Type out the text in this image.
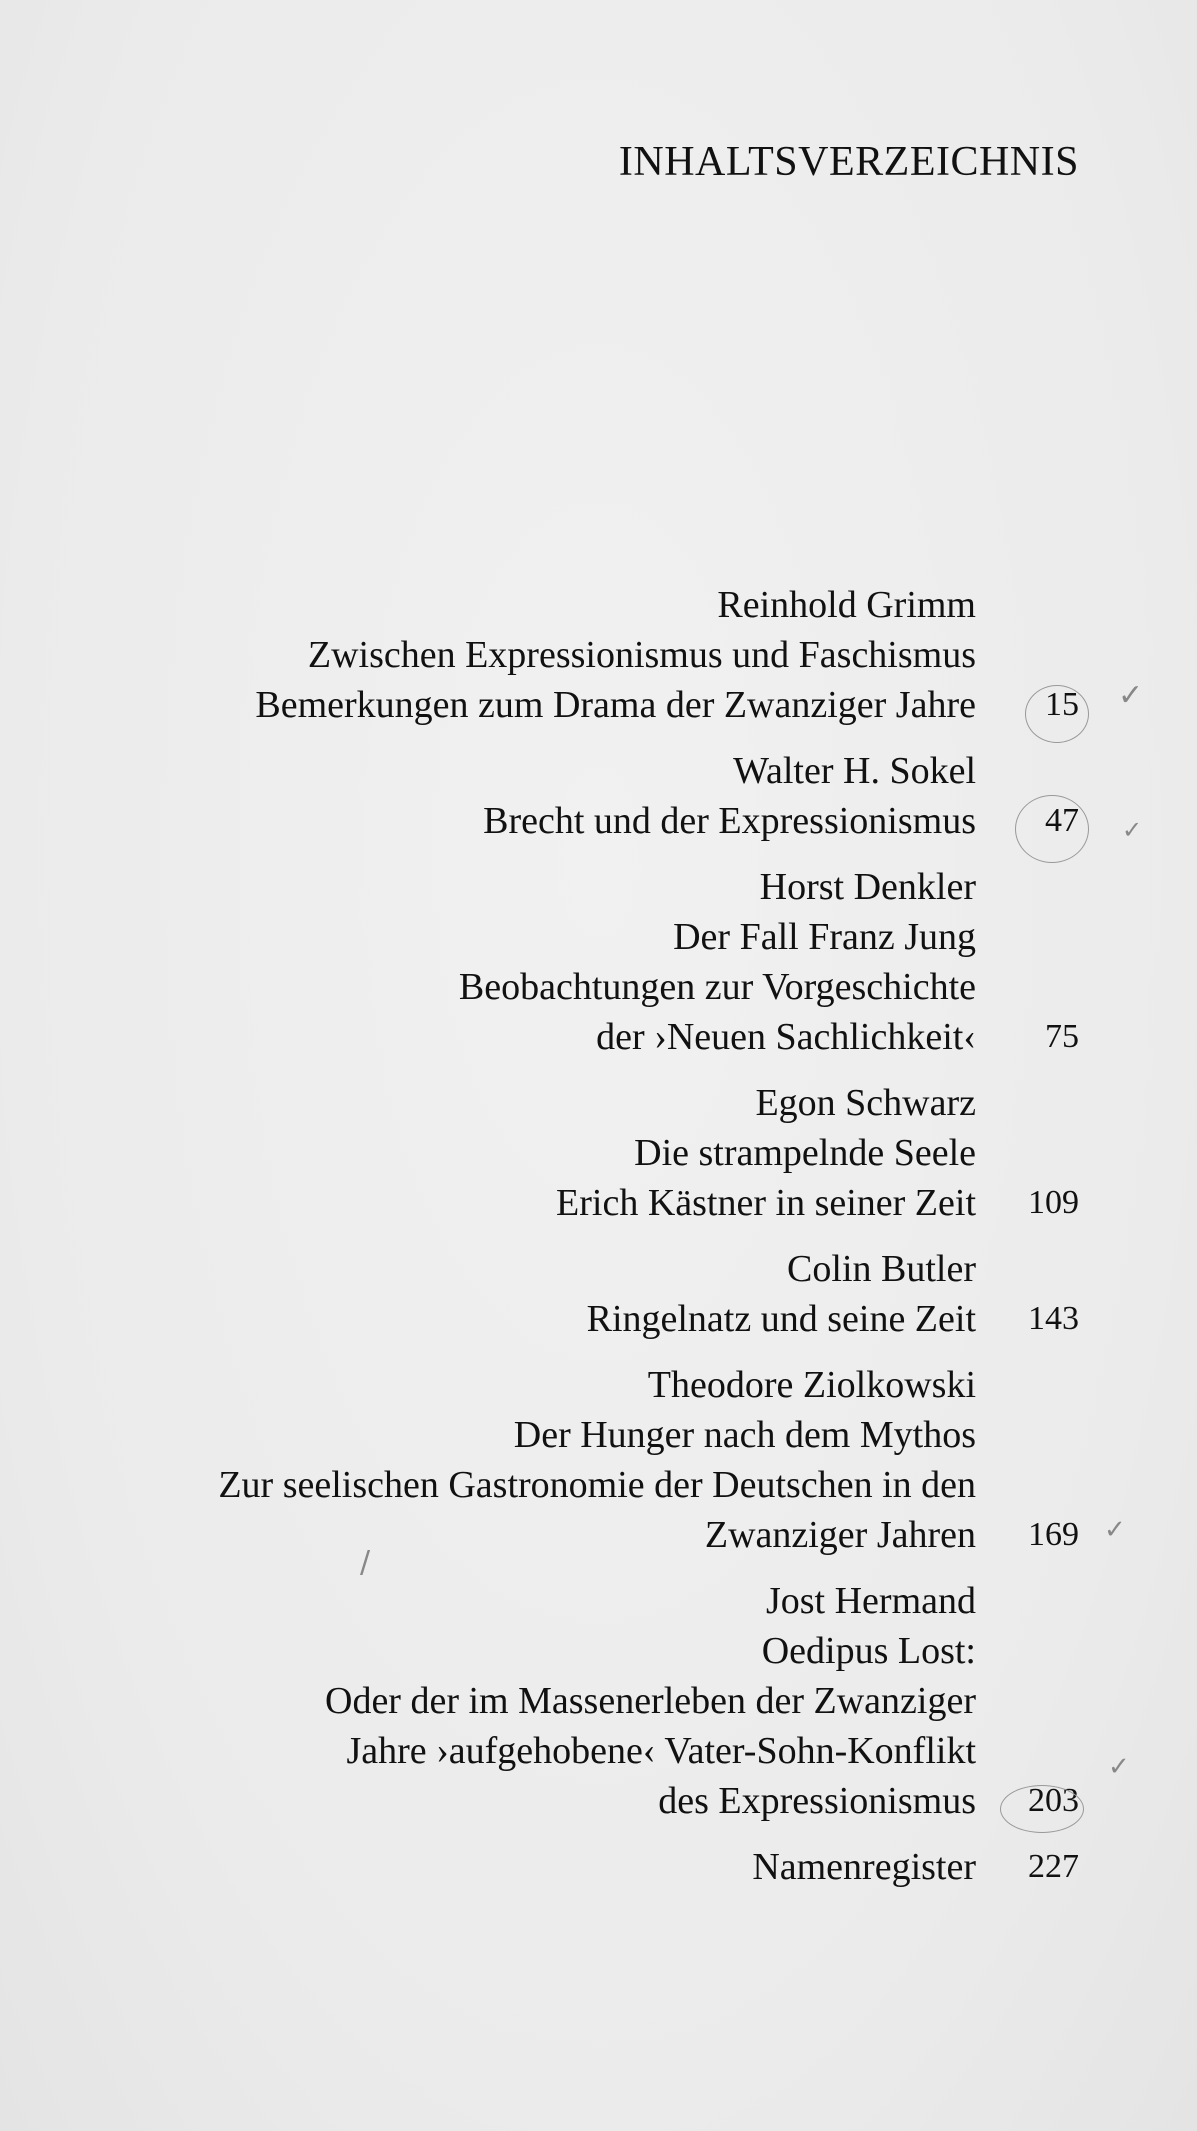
INHALTSVERZEICHNIS
Reinhold Grimm
Zwischen Expressionismus und Faschismus
Bemerkungen zum Drama der Zwanziger Jahre 15
Walter H. Sokel
Brecht und der Expressionismus 47
Horst Denkler
Der Fall Franz Jung
Beobachtungen zur Vorgeschichte
der ›Neuen Sachlichkeit‹ 75
Egon Schwarz
Die strampelnde Seele
Erich Kästner in seiner Zeit 109
Colin Butler
Ringelnatz und seine Zeit 143
Theodore Ziolkowski
Der Hunger nach dem Mythos
Zur seelischen Gastronomie der Deutschen in den
Zwanziger Jahren 169
Jost Hermand
Oedipus Lost:
Oder der im Massenerleben der Zwanziger
Jahre ›aufgehobene‹ Vater-Sohn-Konflikt
des Expressionismus 203
Namenregister 227
✓
✓
✓
✓
/
